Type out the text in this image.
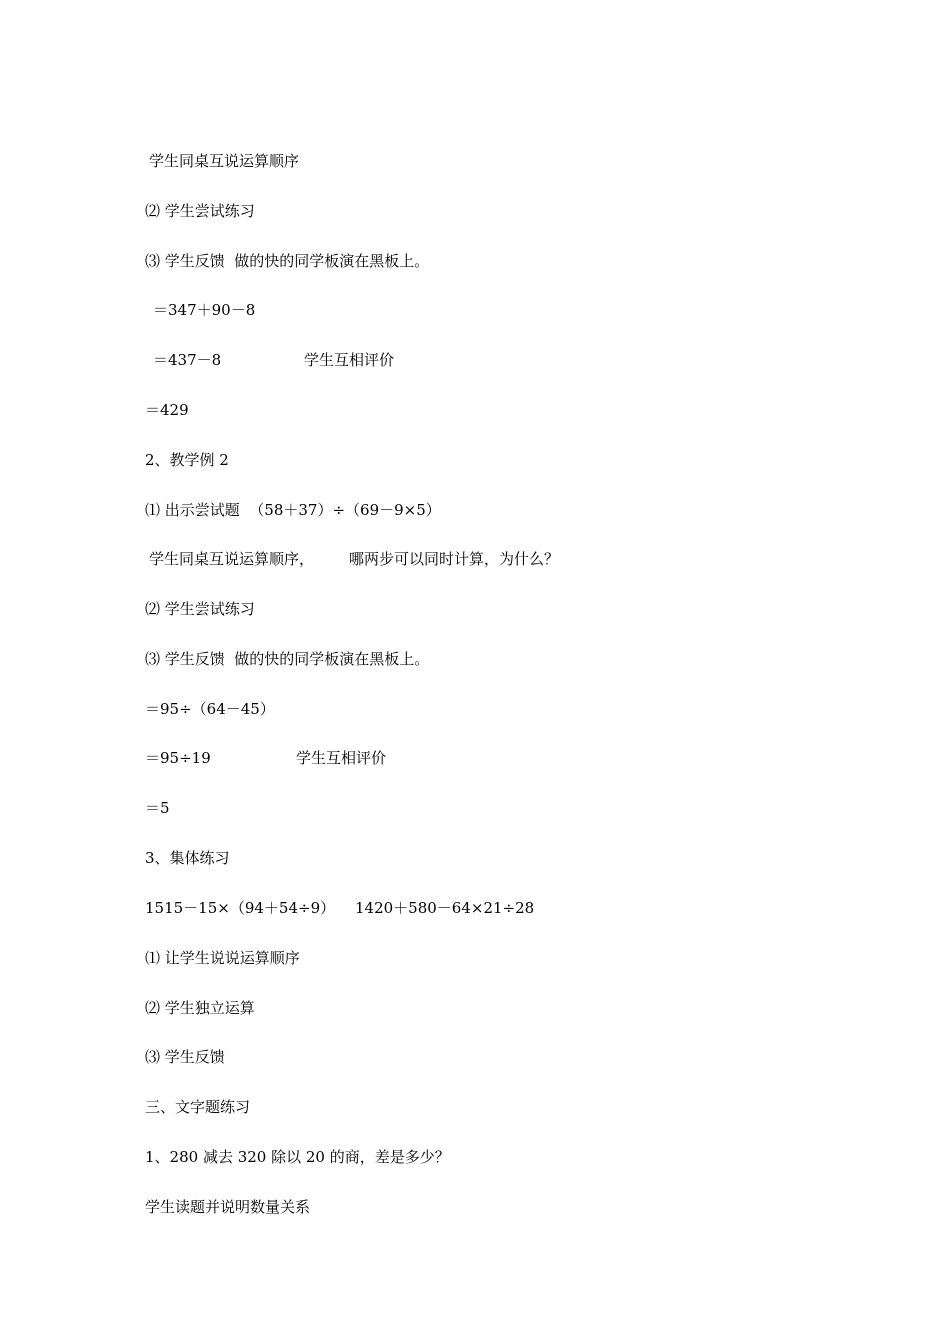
学生同桌互说运算顺序
⑵ 学生尝试练习
⑶ 学生反馈  做的快的同学板演在黑板上。
＝347＋90－8
＝437－8	学生互相评价
＝429
2、教学例 2
⑴ 出示尝试题  （58＋37）÷（69－9×5）
学生同桌互说运算顺序， 哪两步可以同时计算，为什么？
⑵ 学生尝试练习
⑶ 学生反馈  做的快的同学板演在黑板上。
＝95÷（64－45）
＝95÷19	学生互相评价
＝5
3、集体练习
1515－15×（94＋54÷9） 1420＋580－64×21÷28
⑴ 让学生说说运算顺序
⑵ 学生独立运算
⑶ 学生反馈
三、文字题练习
1、280 减去 320 除以 20 的商，差是多少？
学生读题并说明数量关系
